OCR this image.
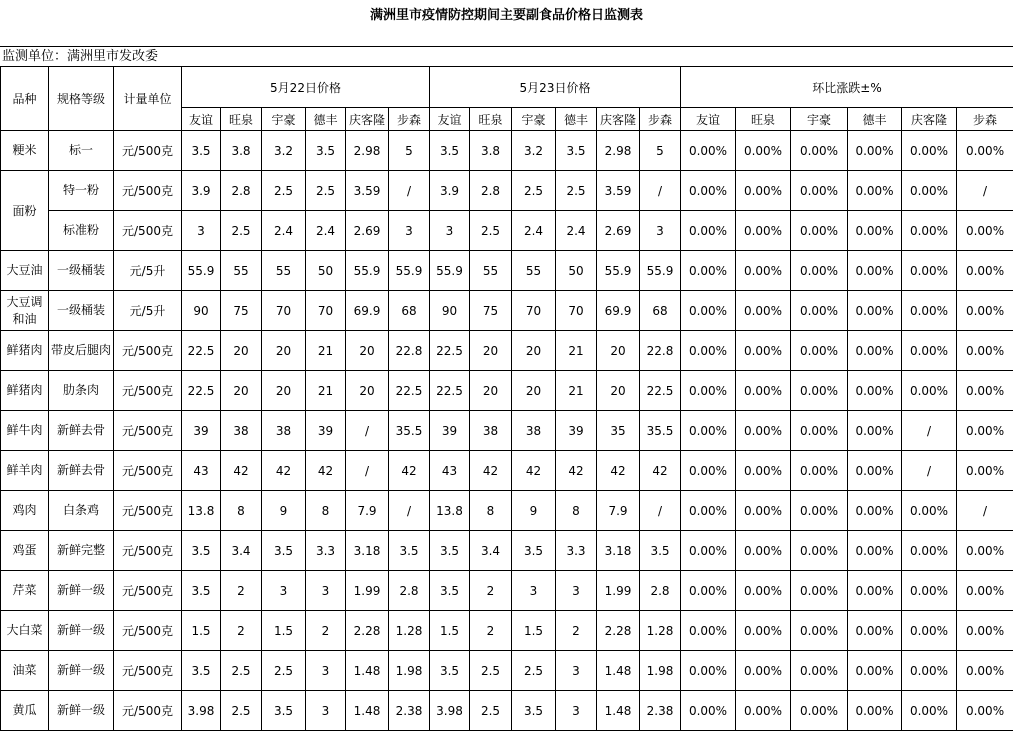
满洲里市疫情防控期间主要副食品价格日监测表
监测单位：满洲里市发改委
品种	规格等级	计量单位	5月22日价格						5月23日价格						环比涨跌±%					
			友谊	旺泉	宇豪	德丰	庆客隆	步森	友谊	旺泉	宇豪	德丰	庆客隆	步森	友谊	旺泉	宇豪	德丰	庆客隆	步森
粳米	标一	元/500克	3.5	3.8	3.2	3.5	2.98	5	3.5	3.8	3.2	3.5	2.98	5	0.00%	0.00%	0.00%	0.00%	0.00%	0.00%
面粉	特一粉	元/500克	3.9	2.8	2.5	2.5	3.59	/	3.9	2.8	2.5	2.5	3.59	/	0.00%	0.00%	0.00%	0.00%	0.00%	/
	标准粉	元/500克	3	2.5	2.4	2.4	2.69	3	3	2.5	2.4	2.4	2.69	3	0.00%	0.00%	0.00%	0.00%	0.00%	0.00%
大豆油	一级桶装	元/5升	55.9	55	55	50	55.9	55.9	55.9	55	55	50	55.9	55.9	0.00%	0.00%	0.00%	0.00%	0.00%	0.00%
大豆调和油	一级桶装	元/5升	90	75	70	70	69.9	68	90	75	70	70	69.9	68	0.00%	0.00%	0.00%	0.00%	0.00%	0.00%
鲜猪肉	带皮后腿肉	元/500克	22.5	20	20	21	20	22.8	22.5	20	20	21	20	22.8	0.00%	0.00%	0.00%	0.00%	0.00%	0.00%
鲜猪肉	肋条肉	元/500克	22.5	20	20	21	20	22.5	22.5	20	20	21	20	22.5	0.00%	0.00%	0.00%	0.00%	0.00%	0.00%
鲜牛肉	新鲜去骨	元/500克	39	38	38	39	/	35.5	39	38	38	39	35	35.5	0.00%	0.00%	0.00%	0.00%	/	0.00%
鲜羊肉	新鲜去骨	元/500克	43	42	42	42	/	42	43	42	42	42	42	42	0.00%	0.00%	0.00%	0.00%	/	0.00%
鸡肉	白条鸡	元/500克	13.8	8	9	8	7.9	/	13.8	8	9	8	7.9	/	0.00%	0.00%	0.00%	0.00%	0.00%	/
鸡蛋	新鲜完整	元/500克	3.5	3.4	3.5	3.3	3.18	3.5	3.5	3.4	3.5	3.3	3.18	3.5	0.00%	0.00%	0.00%	0.00%	0.00%	0.00%
芹菜	新鲜一级	元/500克	3.5	2	3	3	1.99	2.8	3.5	2	3	3	1.99	2.8	0.00%	0.00%	0.00%	0.00%	0.00%	0.00%
大白菜	新鲜一级	元/500克	1.5	2	1.5	2	2.28	1.28	1.5	2	1.5	2	2.28	1.28	0.00%	0.00%	0.00%	0.00%	0.00%	0.00%
油菜	新鲜一级	元/500克	3.5	2.5	2.5	3	1.48	1.98	3.5	2.5	2.5	3	1.48	1.98	0.00%	0.00%	0.00%	0.00%	0.00%	0.00%
黄瓜	新鲜一级	元/500克	3.98	2.5	3.5	3	1.48	2.38	3.98	2.5	3.5	3	1.48	2.38	0.00%	0.00%	0.00%	0.00%	0.00%	0.00%
